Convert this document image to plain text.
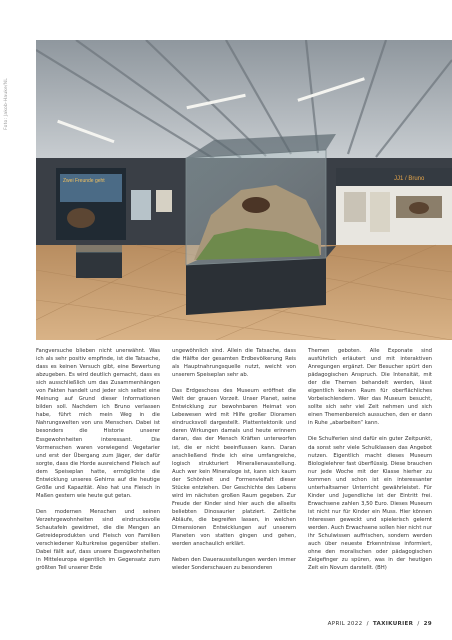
Foto: Jakob-Hauke/NL
Zwei Freunde geht	JJ1 / Bruno

Fangversuche blieben nicht unerwähnt. Was ich als sehr positiv empfinde, ist die Tatsache, dass es keinen Versuch gibt, eine Bewertung abzugeben. Es wird deutlich gemacht, dass es sich ausschließlich um das Zusammenhängen von Fakten handelt und jeder sich selbst eine Meinung auf Grund dieser Informationen bilden soll. Nachdem ich Bruno verlassen habe, führt mich mein Weg in die Nahrungswelten von uns Menschen. Dabei ist besonders die Historie unserer Essgewohnheiten interessant. Die Vormenschen waren vorwiegend Vegetarier und erst der Übergang zum Jäger, der dafür sorgte, dass die Horde ausreichend Fleisch auf dem Speiseplan hatte, ermöglichte die Entwicklung unseres Gehirns auf die heutige Größe und Kapazität. Also hat uns Fleisch in Maßen gestern wie heute gut getan.

Den modernen Menschen und seinen Verzehrgewohnheiten sind eindrucksvolle Schautafeln gewidmet, die die Mengen an Getreideprodukten und Fleisch von Familien verschiedener Kulturkreise gegenüber stellen. Dabei fällt auf, dass unsere Essgewohnheiten in Mitteleuropa eigentlich im Gegensatz zum größten Teil unserer Erde

ungewöhnlich sind. Allein die Tatsache, dass die Hälfte der gesamten Erdbevölkerung Reis als Hauptnahrungsquelle nutzt, weicht von unserem Speiseplan sehr ab.

Das Erdgeschoss des Museum eröffnet die Welt der grauen Vorzeit. Unser Planet, seine Entwicklung zur bewohnbaren Heimat von Lebewesen wird mit Hilfe großer Dioramen eindrucksvoll dargestellt. Plattentektonik und deren Wirkungen damals und heute erinnern daran, das der Mensch Kräften unterworfen ist, die er nicht beeinflussen kann. Daran anschließend finde ich eine umfangreiche, logisch strukturiert Mineralienausstellung. Auch wer kein Mineraloge ist, kann sich kaum der Schönheit und Formenvielfalt dieser Stücke entziehen. Der Geschichte des Lebens wird im nächsten großen Raum gegeben. Zur Freude der Kinder sind hier auch die allseits beliebten Dinosaurier platziert. Zeitliche Abläufe, die begreifen lassen, in welchen Dimensionen Entwicklungen auf unserem Planeten von statten gingen und gehen, werden anschaulich erklärt.

Neben den Dauerausstellungen werden immer wieder Sonderschauen zu besonderen

Themen geboten. Alle Exponate sind ausführlich erläutert und mit interaktiven Anregungen ergänzt. Der Besucher spürt den pädagogischen Anspruch. Die Intensität, mit der die Themen behandelt werden, lässt eigentlich keinen Raum für oberflächliches Vorbeischlendern. Wer das Museum besucht, sollte sich sehr viel Zeit nehmen und sich einen Themenbereich aussuchen, den er dann in Ruhe „abarbeiten“ kann.

Die Schulferien sind dafür ein guter Zeitpunkt, da sonst sehr viele Schulklassen das Angebot nutzen. Eigentlich macht dieses Museum Biologielehrer fast überflüssig. Diese brauchen nur jede Woche mit der Klasse hierher zu kommen und schon ist ein interessanter unterhaltsamer Unterricht gewährleistet. Für Kinder und Jugendliche ist der Eintritt frei. Erwachsene zahlen 3,50 Euro. Dieses Museum ist nicht nur für Kinder ein Muss. Hier können Interessen geweckt und spielerisch gelernt werden. Auch Erwachsene sollen hier nicht nur ihr Schulwissen auffrischen, sondern werden auch über neueste Erkenntnisse informiert, ohne den moralischen oder pädagogischen Zeigefinger zu spüren, was in der heutigen Zeit ein Novum darstellt. (BH)

APRIL 2022 / TAXIKURIER / 29
